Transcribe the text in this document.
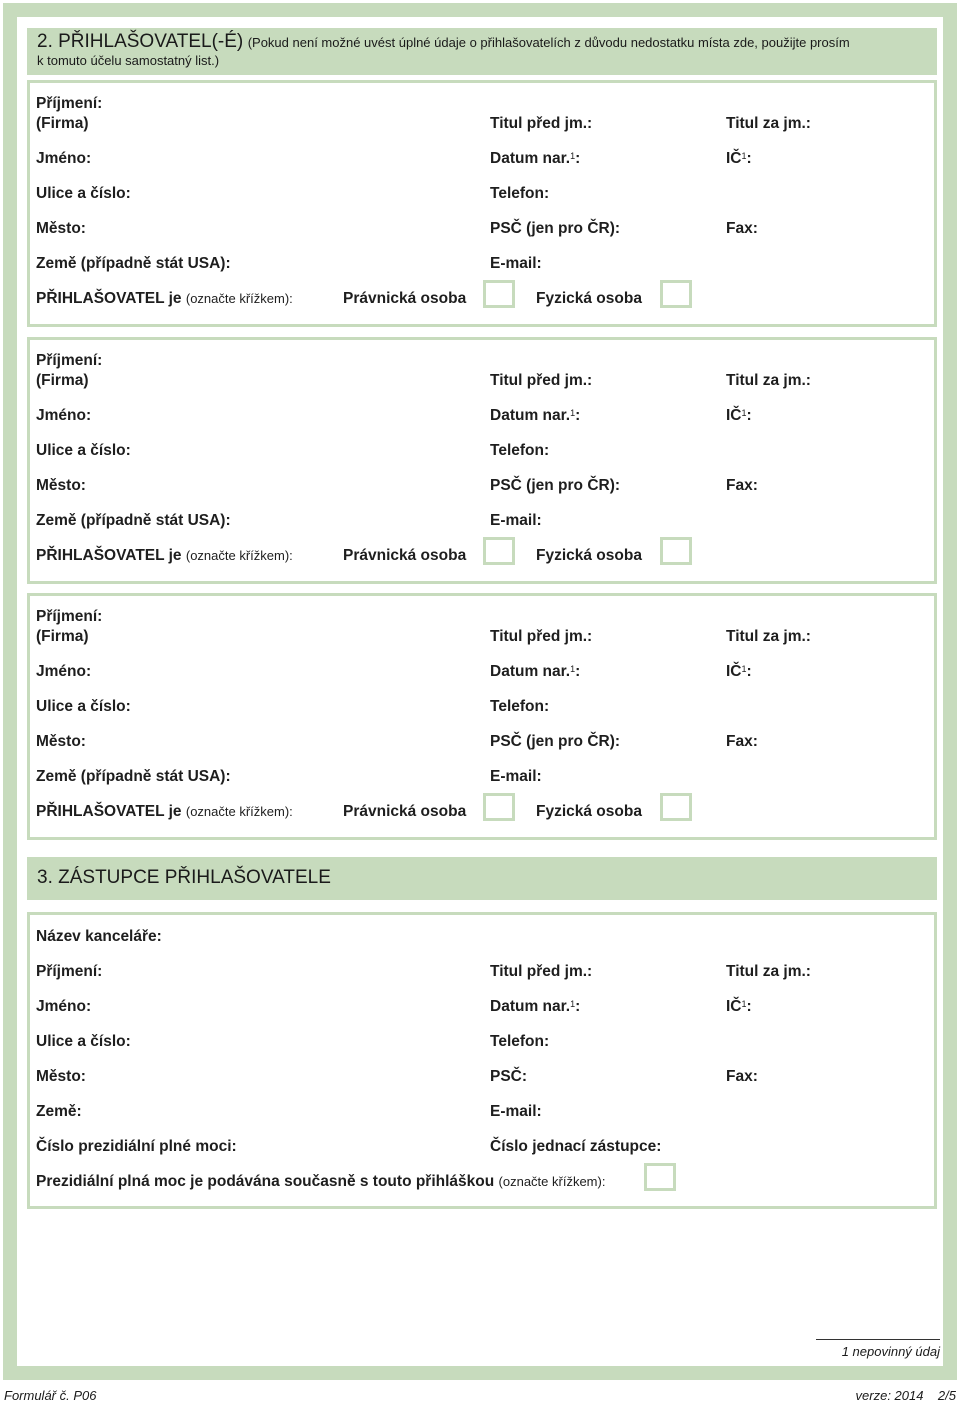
2. PŘIHLAŠOVATEL(-É) (Pokud není možné uvést úplné údaje o přihlašovatelích z důvodu nedostatku místa zde, použijte prosím
k tomuto účelu samostatný list.)
Příjmení:
(Firma)	Titul před jm.:	Titul za jm.:
Jméno:	Datum nar.$^1$:	$IČ^1$:
Ulice a číslo:	Telefon:
Město:	PSČ (jen pro ČR):	Fax:
Země (případně stát USA):	E-mail:
PŘIHLAŠOVATEL je (označte křížkem):	Právnická osoba	Fyzická osoba
Příjmení:
(Firma)	Titul před jm.:	Titul za jm.:
Jméno:	Datum nar.$^1$:	$IČ^1$:
Ulice a číslo:	Telefon:
Město:	PSČ (jen pro ČR):	Fax:
Země (případně stát USA):	E-mail:
PŘIHLAŠOVATEL je (označte křížkem):	Právnická osoba	Fyzická osoba
Příjmení:
(Firma)	Titul před jm.:	Titul za jm.:
Jméno:	Datum nar.$^1$:	$IČ^1$:
Ulice a číslo:	Telefon:
Město:	PSČ (jen pro ČR):	Fax:
Země (případně stát USA):	E-mail:
PŘIHLAŠOVATEL je (označte křížkem):	Právnická osoba	Fyzická osoba
3. ZÁSTUPCE PŘIHLAŠOVATELE
Název kanceláře:
Příjmení:	Titul před jm.:	Titul za jm.:
Jméno:	Datum nar.$^1$:	$IČ^1$:
Ulice a číslo:	Telefon:
Město:	PSČ:	Fax:
Země:	E-mail:
Číslo prezidiální plné moci:	Číslo jednací zástupce:
Prezidiální plná moc je podávána současně s touto přihláškou (označte křížkem):
1 nepovinný údaj
Formulář č. P06	verze: 2014    2/5
